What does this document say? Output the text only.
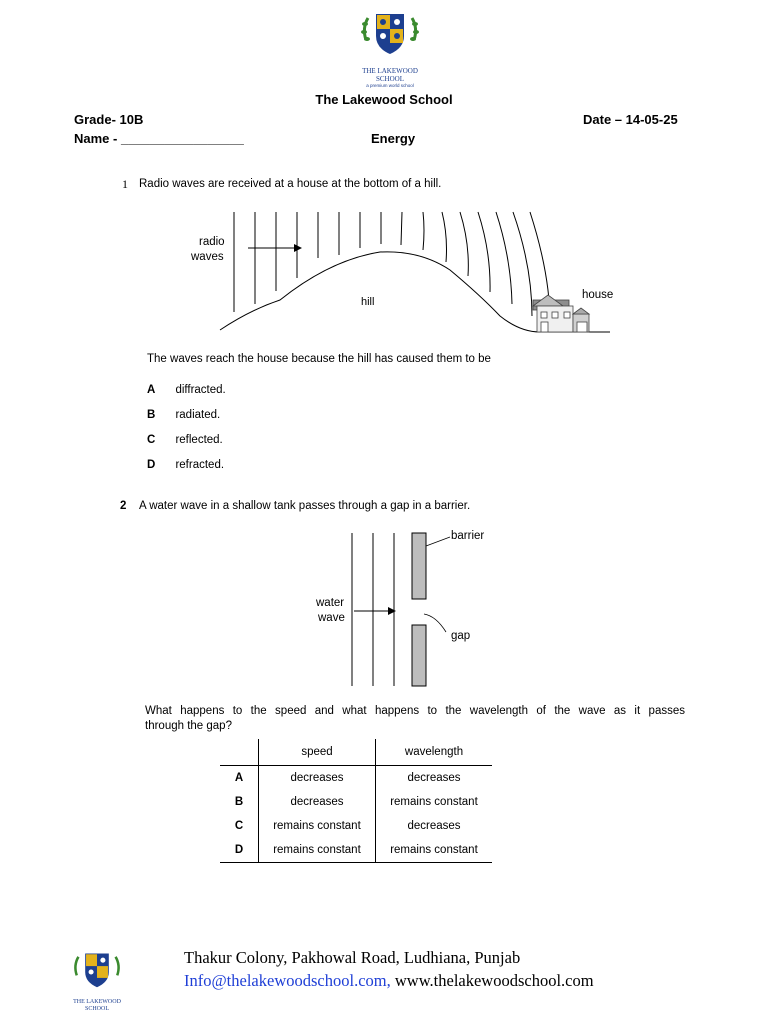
THE LAKEWOOD SCHOOL
a premium world school
The Lakewood School
Grade- 10B	Date – 14-05-25
Name - _________________	Energy
1 Radio waves are received at a house at the bottom of a hill.
radio
waves
hill
house
The waves reach the house because the hill has caused them to be
A diffracted.
B radiated.
C reflected.
D refracted.
2 A water wave in a shallow tank passes through a gap in a barrier.
barrier
water
wave
gap
What happens to the speed and what happens to the wavelength of the wave as it passes
through the gap?
	speed	wavelength
A	decreases	decreases
B	decreases	remains constant
C	remains constant	decreases
D	remains constant	remains constant
THE LAKEWOOD SCHOOL
Thakur Colony, Pakhowal Road, Ludhiana, Punjab
Info@thelakewoodschool.com, www.thelakewoodschool.com
